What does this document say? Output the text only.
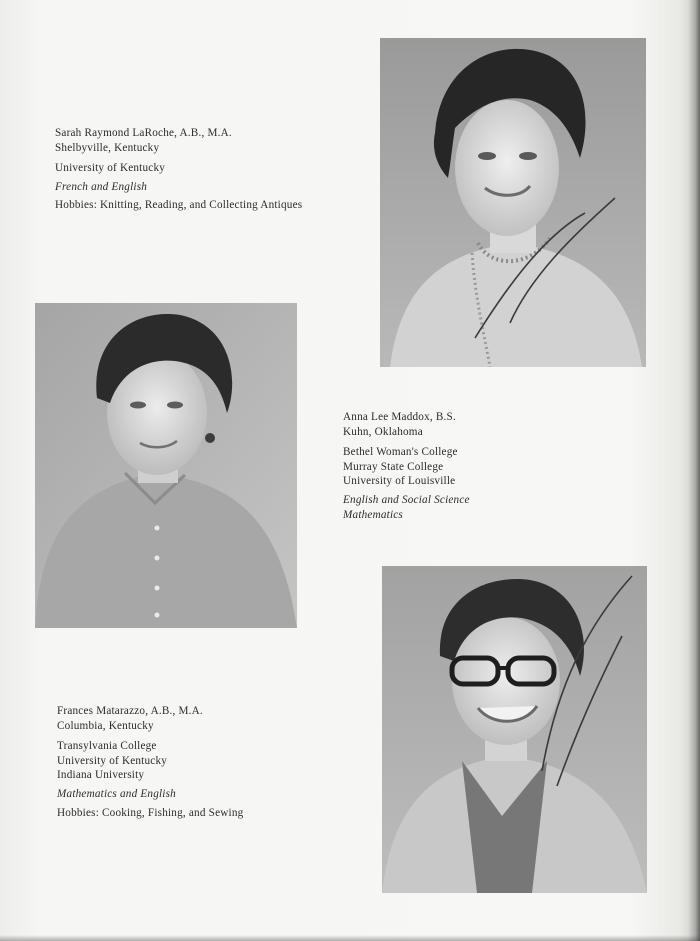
Sarah Raymond LaRoche, A.B., M.A.
Shelbyville, Kentucky
University of Kentucky
French and English
Hobbies: Knitting, Reading, and Collecting Antiques
Anna Lee Maddox, B.S.
Kuhn, Oklahoma
Bethel Woman's College
Murray State College
University of Louisville
English and Social Science
Mathematics
Frances Matarazzo, A.B., M.A.
Columbia, Kentucky
Transylvania College
University of Kentucky
Indiana University
Mathematics and English
Hobbies: Cooking, Fishing, and Sewing
